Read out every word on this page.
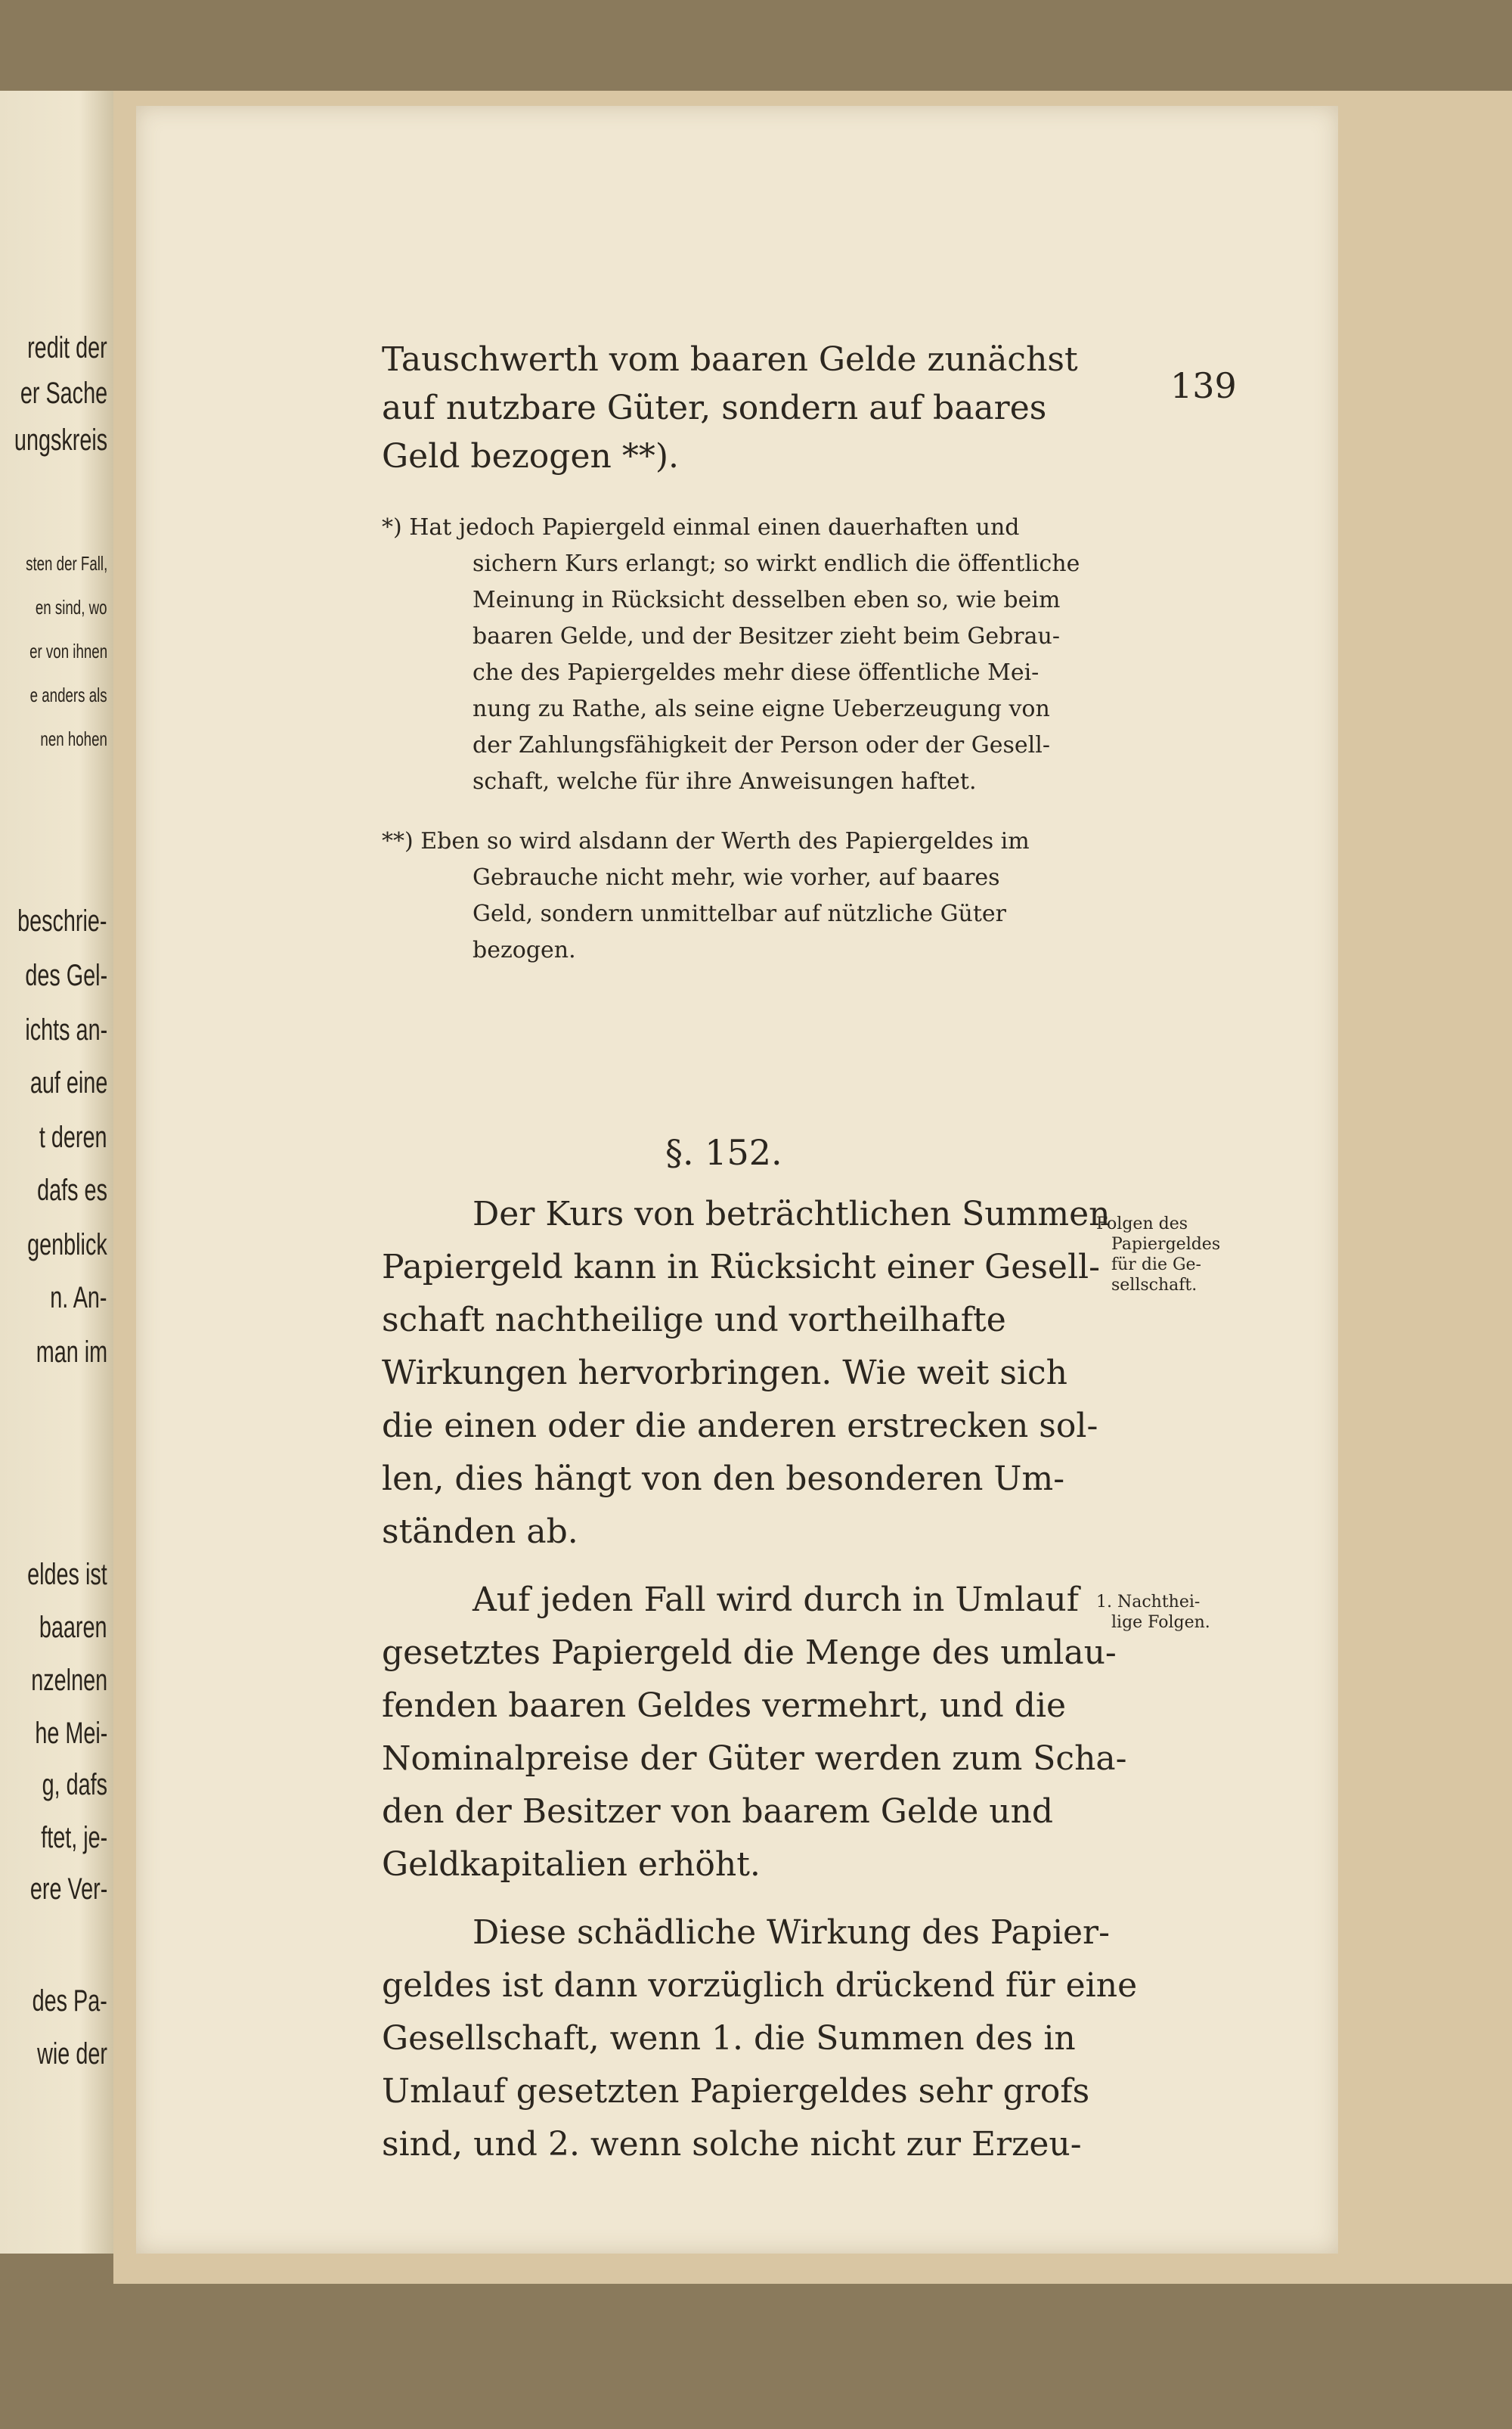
redit der
er Sache
ungskreis
sten der Fall,
en sind, wo
er von ihnen
e anders als
nen hohen
beschrie-
des Gel-
ichts an-
auf eine
t deren
dafs es
genblick
n. An-
man im
eldes ist
baaren
nzelnen
he Mei-
g, dafs
ftet, je-
ere Ver-
des Pa-
wie der
139
Tauschwerth vom baaren Gelde zunächst
auf nutzbare Güter, sondern auf baares
Geld bezogen **).
*) Hat jedoch Papiergeld einmal einen dauerhaften und
sichern Kurs erlangt; so wirkt endlich die öffentliche
Meinung in Rücksicht desselben eben so, wie beim
baaren Gelde, und der Besitzer zieht beim Gebrau-
che des Papiergeldes mehr diese öffentliche Mei-
nung zu Rathe, als seine eigne Ueberzeugung von
der Zahlungsfähigkeit der Person oder der Gesell-
schaft, welche für ihre Anweisungen haftet.
**) Eben so wird alsdann der Werth des Papiergeldes im
Gebrauche nicht mehr, wie vorher, auf baares
Geld, sondern unmittelbar auf nützliche Güter
bezogen.
§. 152.
Der Kurs von beträchtlichen Summen
Papiergeld kann in Rücksicht einer Gesell-
schaft nachtheilige und vortheilhafte
Wirkungen hervorbringen. Wie weit sich
die einen oder die anderen erstrecken sol-
len, dies hängt von den besonderen Um-
ständen ab.
Auf jeden Fall wird durch in Umlauf
gesetztes Papiergeld die Menge des umlau-
fenden baaren Geldes vermehrt, und die
Nominalpreise der Güter werden zum Scha-
den der Besitzer von baarem Gelde und
Geldkapitalien erhöht.
Diese schädliche Wirkung des Papier-
geldes ist dann vorzüglich drückend für eine
Gesellschaft, wenn 1. die Summen des in
Umlauf gesetzten Papiergeldes sehr grofs
sind, und 2. wenn solche nicht zur Erzeu-
Folgen des
Papiergeldes
für die Ge-
sellschaft.
1. Nachthei-
lige Folgen.
